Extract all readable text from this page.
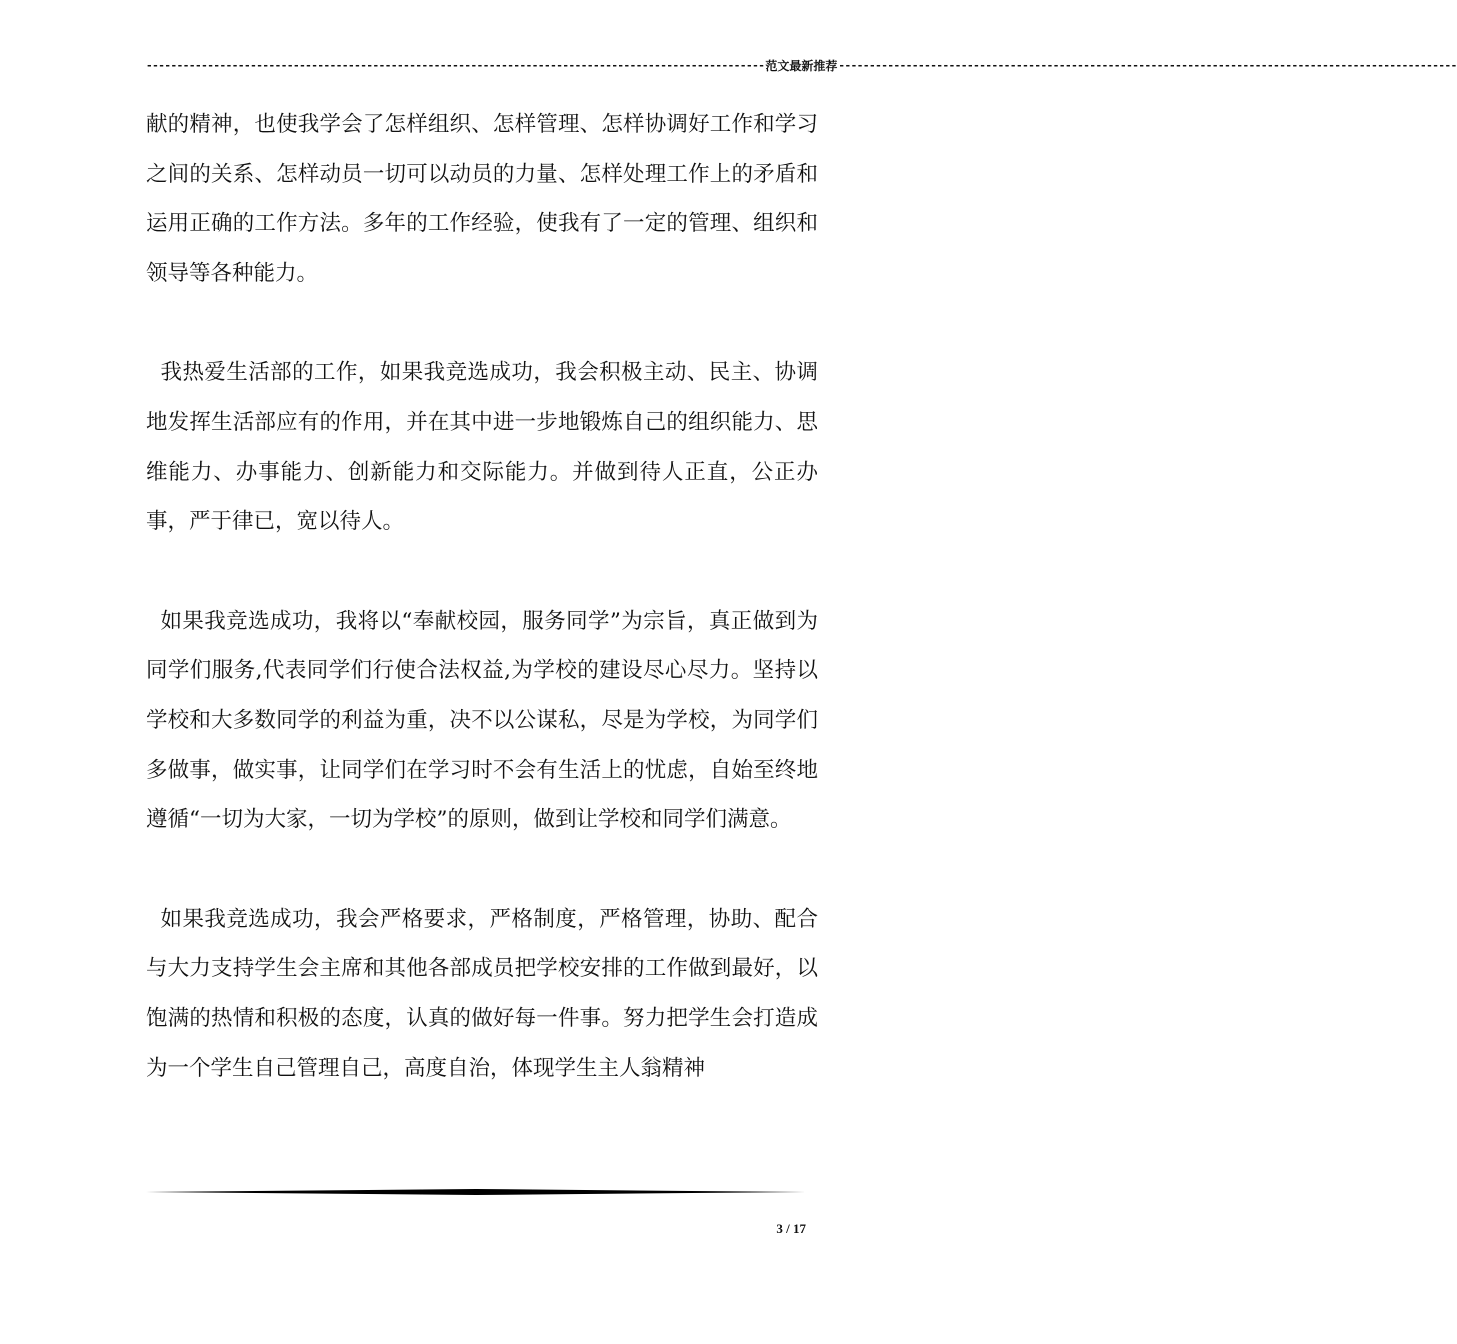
----------------------------------------------------------------------------------------------------- 范文最新推荐 -----------------------------------------------------------------------------------------------------

献的精神，也使我学会了怎样组织、怎样管理、怎样协调好工作和学习之间的关系、怎样动员一切可以动员的力量、怎样处理工作上的矛盾和运用正确的工作方法。多年的工作经验，使我有了一定的管理、组织和领导等各种能力。

我热爱生活部的工作，如果我竞选成功，我会积极主动、民主、协调地发挥生活部应有的作用，并在其中进一步地锻炼自己的组织能力、思维能力、办事能力、创新能力和交际能力。并做到待人正直，公正办事，严于律已，宽以待人。

如果我竞选成功，我将以“奉献校园，服务同学”为宗旨，真正做到为同学们服务,代表同学们行使合法权益,为学校的建设尽心尽力。坚持以学校和大多数同学的利益为重，决不以公谋私，尽是为学校，为同学们多做事，做实事，让同学们在学习时不会有生活上的忧虑，自始至终地遵循“一切为大家，一切为学校”的原则，做到让学校和同学们满意。

如果我竞选成功，我会严格要求，严格制度，严格管理，协助、配合与大力支持学生会主席和其他各部成员把学校安排的工作做到最好，以饱满的热情和积极的态度，认真的做好每一件事。努力把学生会打造成为一个学生自己管理自己，高度自治，体现学生主人翁精神

3 / 17
